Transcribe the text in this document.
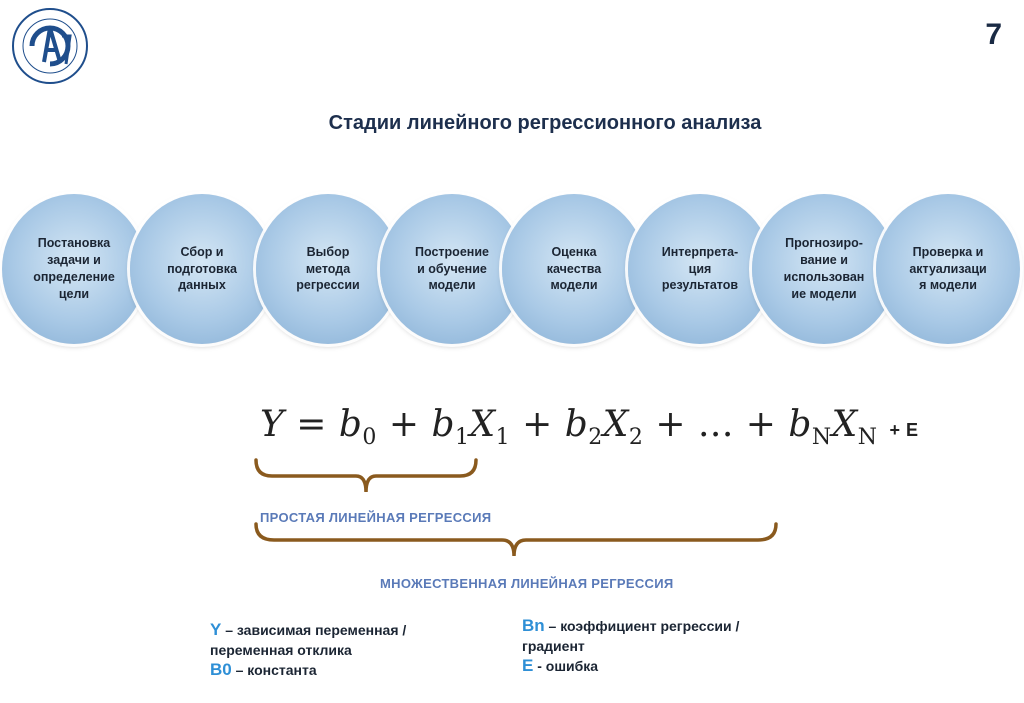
7
Стадии линейного регрессионного анализа
Постановка
задачи и
определение
цели
Сбор и
подготовка
данных
Выбор
метода
регрессии
Построение
и обучение
модели
Оценка
качества
модели
Интерпрета-
ция
результатов
Прогнозиро-
вание и
использован
ие модели
Проверка и
актуализаци
я модели
$Y = b_0 + b_1X_1 + b_2X_2$ + ... + $b_NX_N + E$
ПРОСТАЯ ЛИНЕЙНАЯ РЕГРЕССИЯ
МНОЖЕСТВЕННАЯ ЛИНЕЙНАЯ РЕГРЕССИЯ
Y – зависимая переменная /
переменная отклика
B0 – константа
Bn – коэффициент регрессии /
градиент
E - ошибка
